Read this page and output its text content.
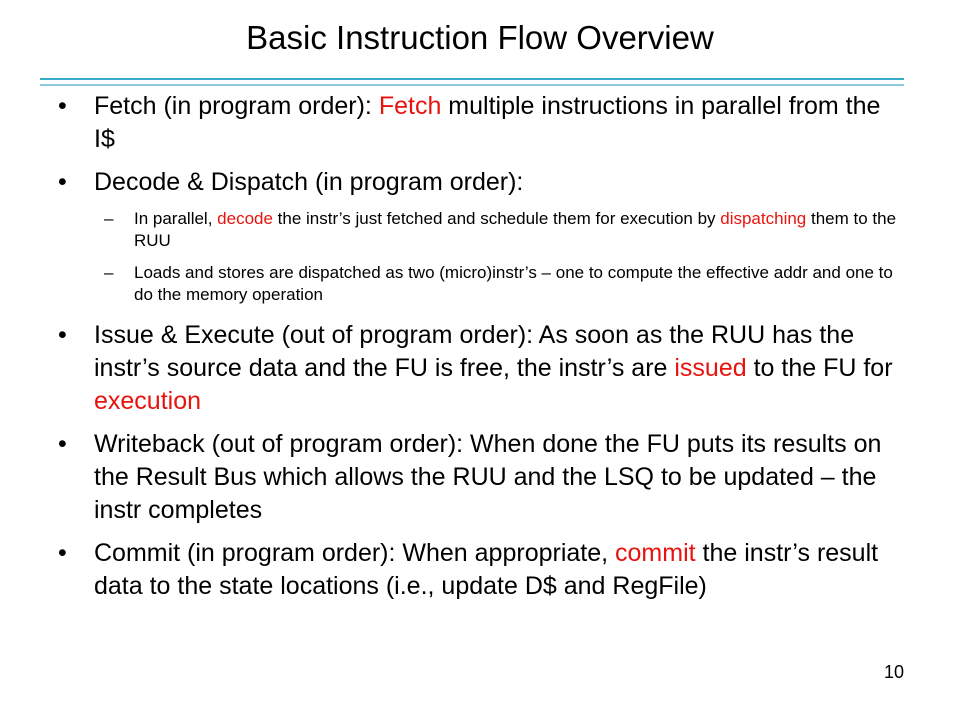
Basic Instruction Flow Overview
• Fetch (in program order): Fetch multiple instructions in parallel from the I$
• Decode & Dispatch (in program order):
– In parallel, decode the instr’s just fetched and schedule them for execution by dispatching them to the RUU
– Loads and stores are dispatched as two (micro)instr’s – one to compute the effective addr and one to do the memory operation
• Issue & Execute (out of program order): As soon as the RUU has the instr’s source data and the FU is free, the instr’s are issued to the FU for execution
• Writeback (out of program order): When done the FU puts its results on the Result Bus which allows the RUU and the LSQ to be updated – the instr completes
• Commit (in program order): When appropriate, commit the instr’s result data to the state locations (i.e., update D$ and RegFile)
10
